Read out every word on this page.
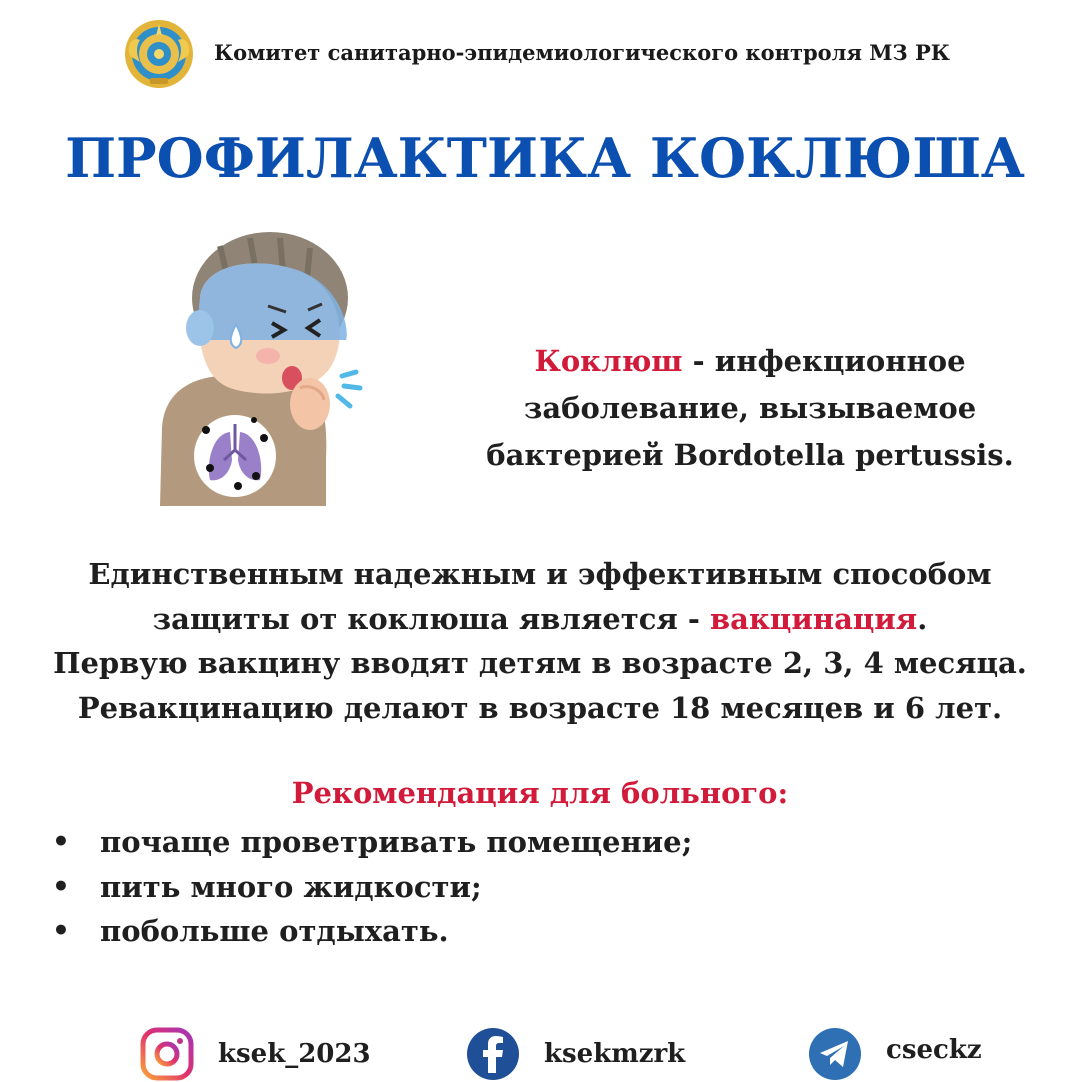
Комитет санитарно-эпидемиологического контроля МЗ РК
ПРОФИЛАКТИКА КОКЛЮША
Коклюш - инфекционное
заболевание, вызываемое
бактерией Bordotella pertussis.
Единственным надежным и эффективным способом
защиты от коклюша является - вакцинация.
Первую вакцину вводят детям в возрасте 2, 3, 4 месяца.
Ревакцинацию делают в возрасте 18 месяцев и 6 лет.
Рекомендация для больного:
•	почаще проветривать помещение;
•	пить много жидкости;
•	побольше отдыхать.
ksek_2023	ksekmzrk	cseckz
